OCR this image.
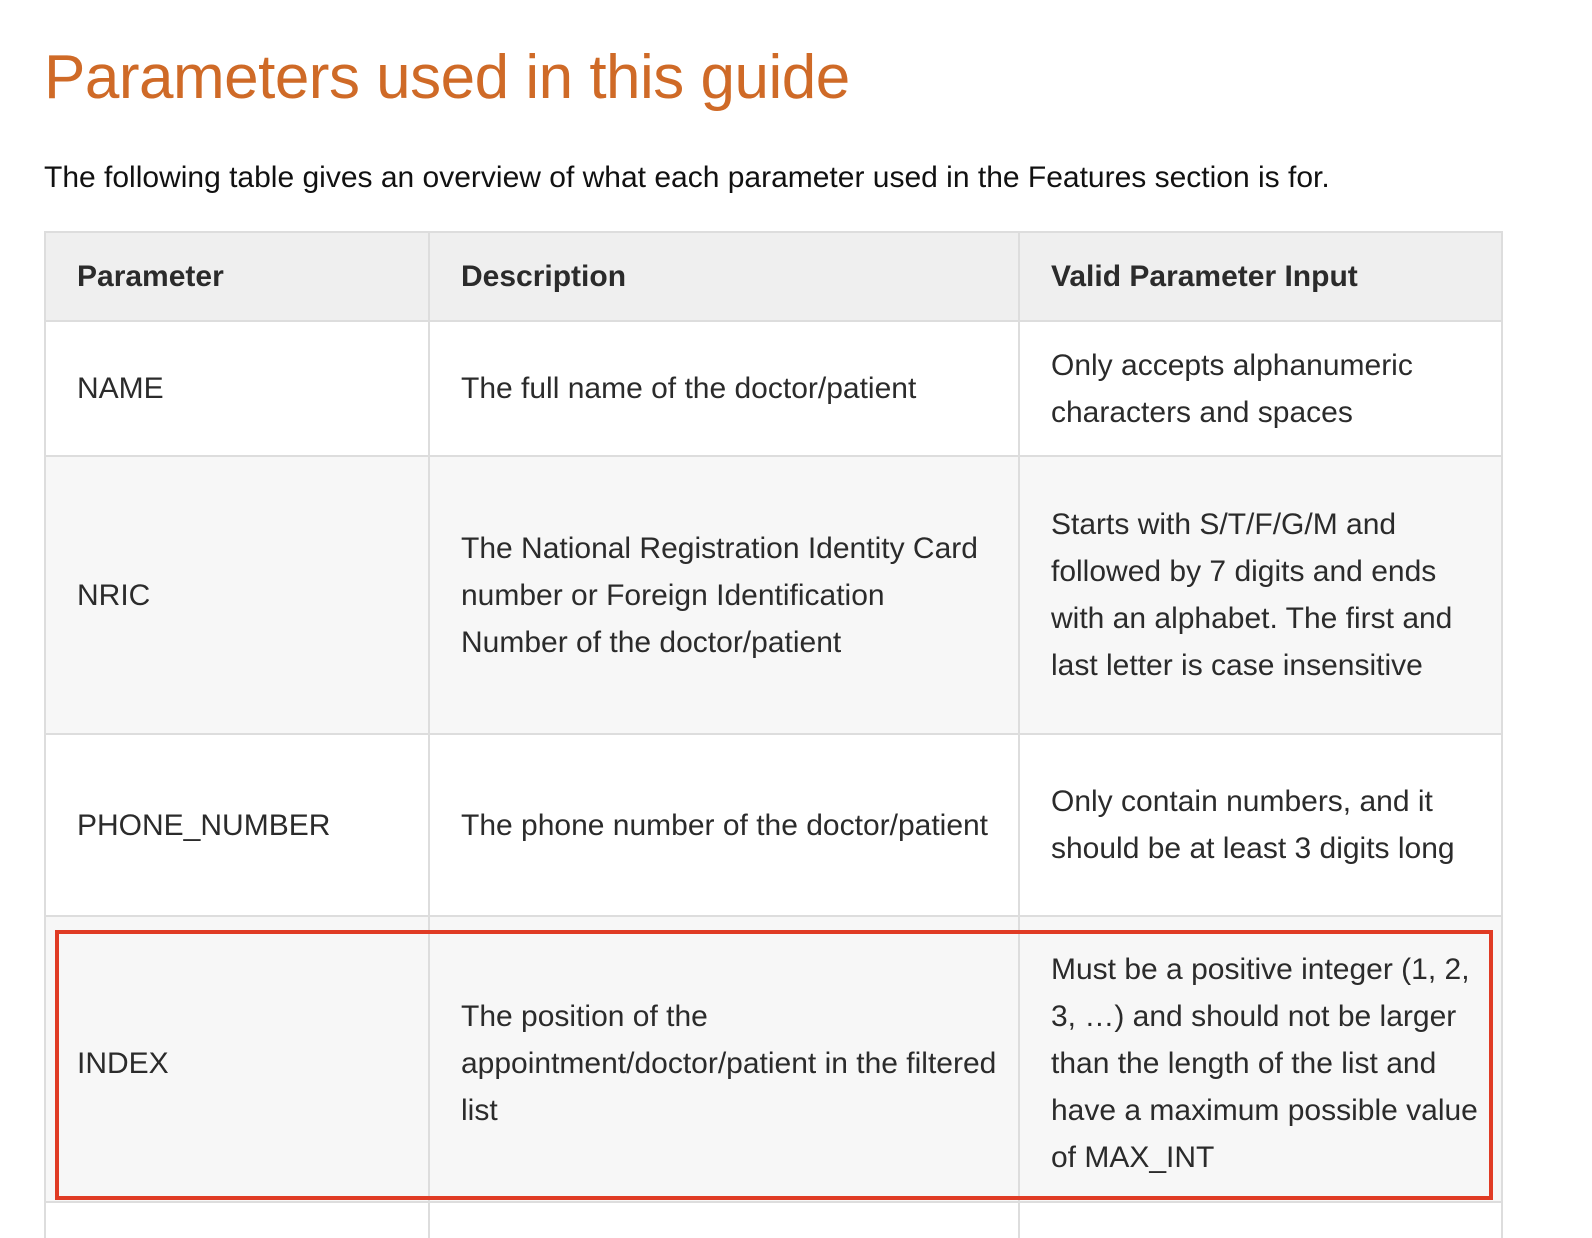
Parameters used in this guide

The following table gives an overview of what each parameter used in the Features section is for.

Parameter	Description	Valid Parameter Input
NAME	The full name of the doctor/patient	Only accepts alphanumeric characters and spaces
NRIC	The National Registration Identity Card number or Foreign Identification Number of the doctor/patient	Starts with S/T/F/G/M and followed by 7 digits and ends with an alphabet. The first and last letter is case insensitive
PHONE_NUMBER	The phone number of the doctor/patient	Only contain numbers, and it should be at least 3 digits long
INDEX	The position of the appointment/doctor/patient in the filtered list	Must be a positive integer (1, 2, 3, …) and should not be larger than the length of the list and have a maximum possible value of MAX_INT
